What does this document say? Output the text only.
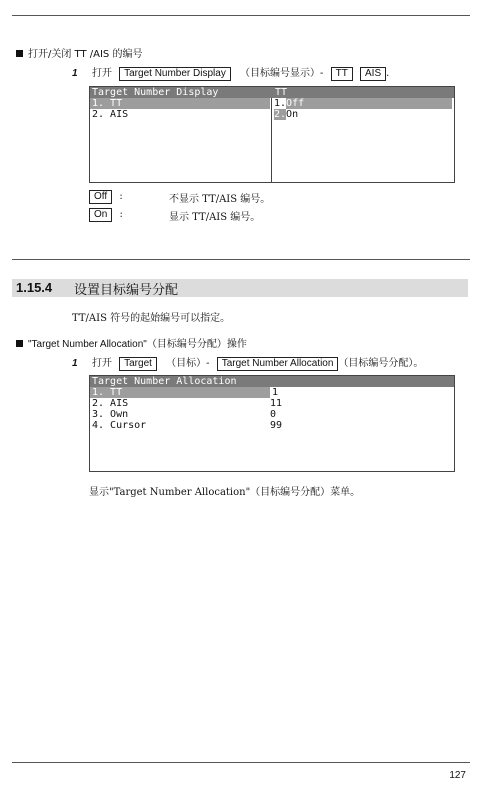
打开/关闭 TT /AIS 的编号
1 打开 Target Number Display （目标编号显示）- TT AIS .
Target Number Display	TT
1. TT	1.Off
2. AIS	2.On
Off :	不显示 TT/AIS 编号。
On :	显示 TT/AIS 编号。
1.15.4 设置目标编号分配
TT/AIS 符号的起始编号可以指定。
"Target Number Allocation"（目标编号分配）操作
1 打开 Target （目标）- Target Number Allocation （目标编号分配）。
Target Number Allocation
1. TT	1
2. AIS	11
3. Own	0
4. Cursor	99
显示"Target Number Allocation"（目标编号分配）菜单。
127
